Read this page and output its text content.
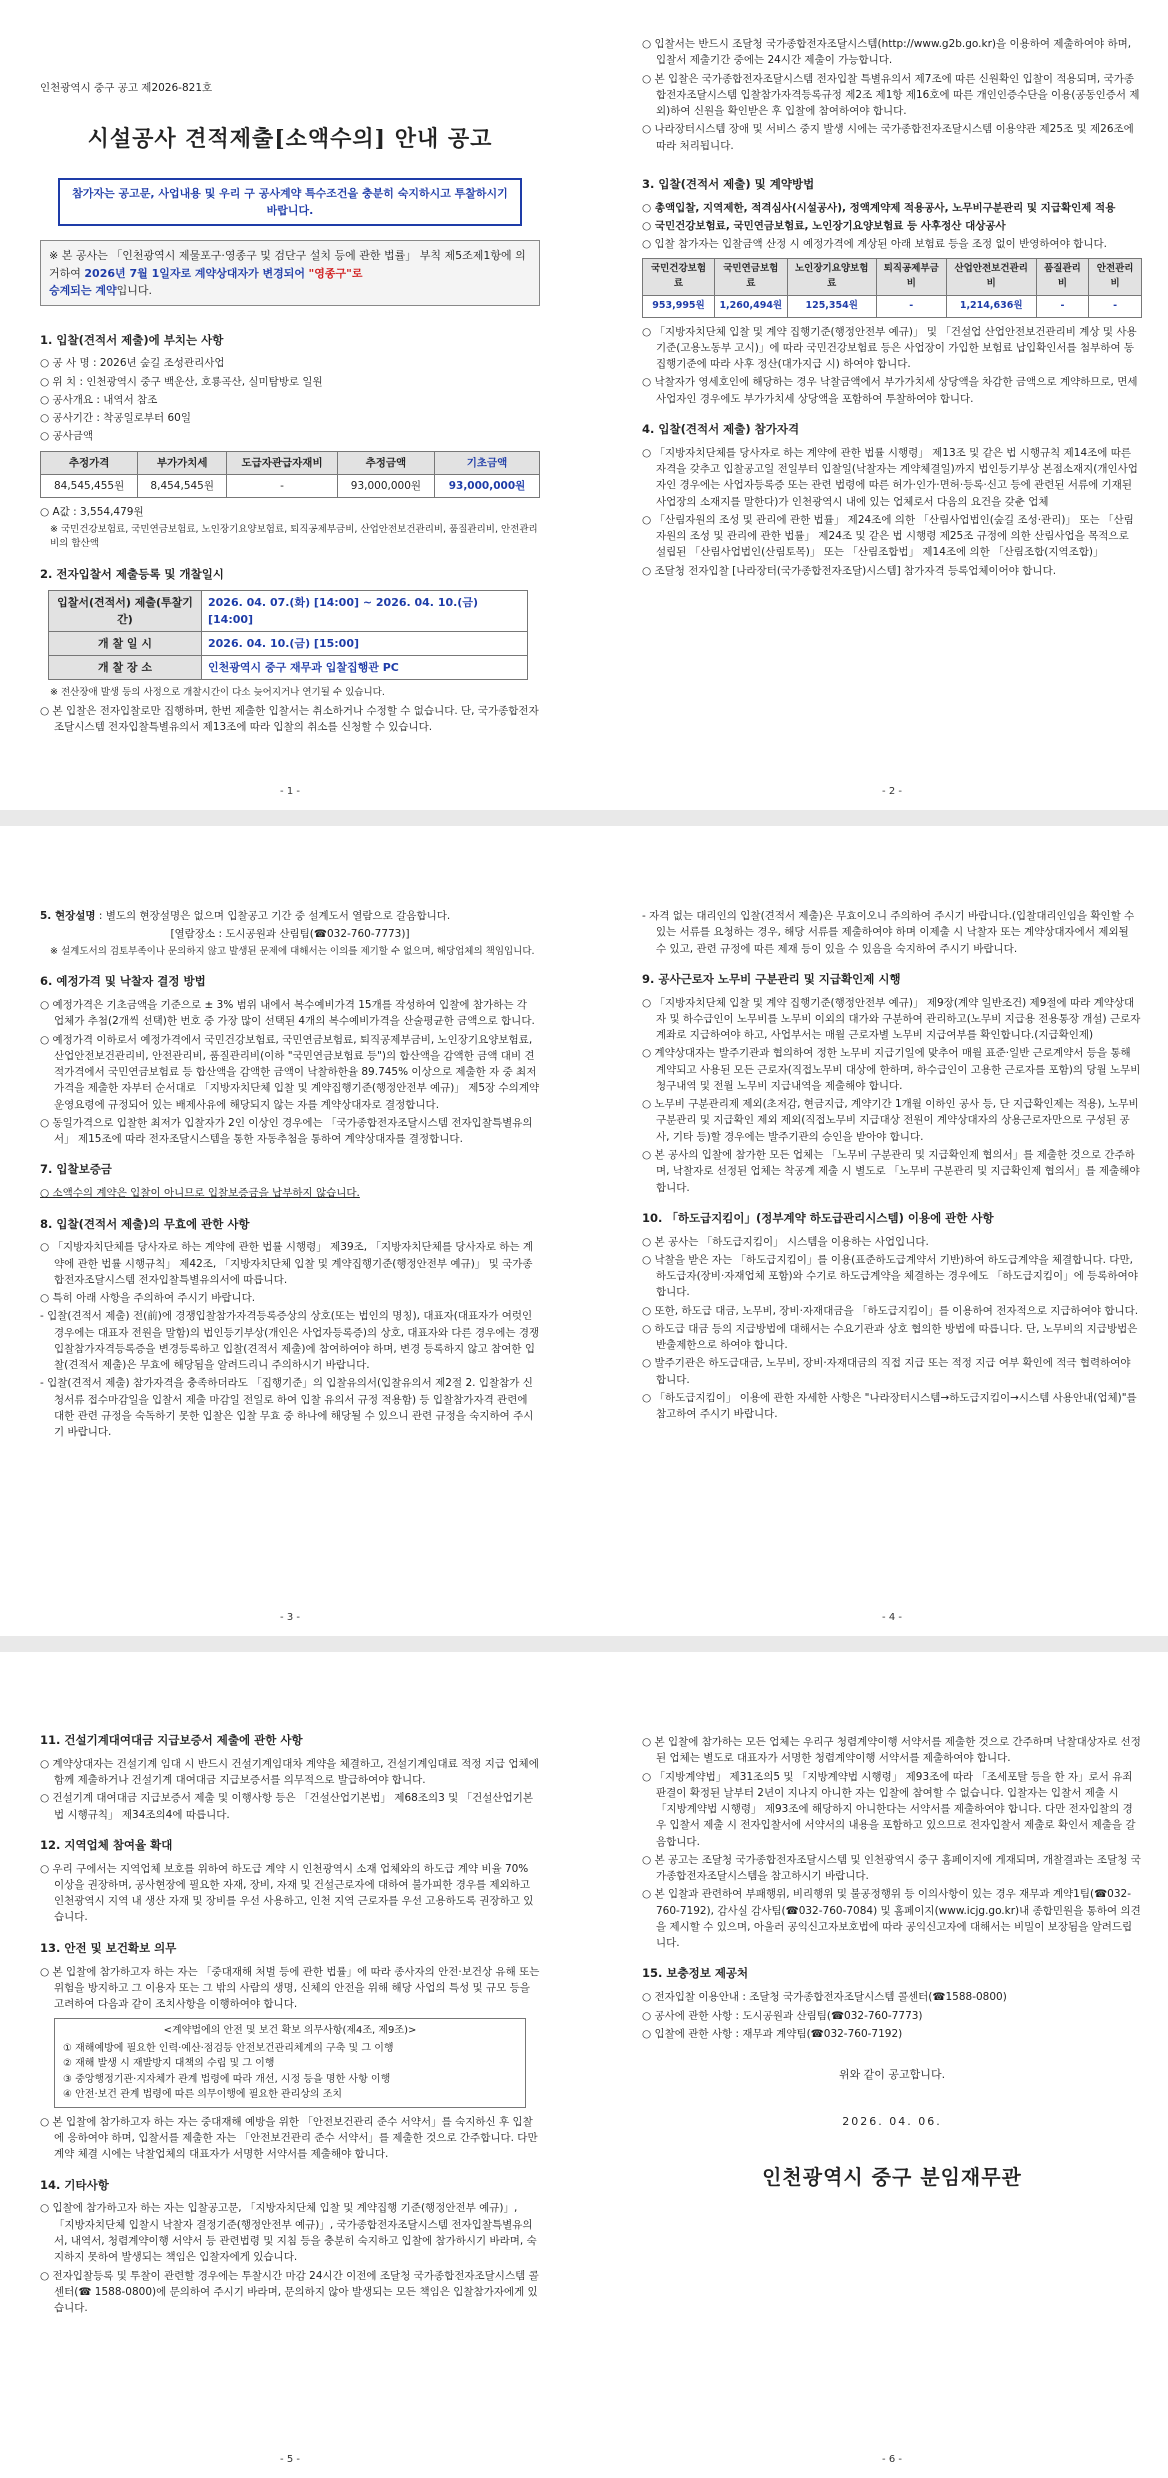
인천광역시 중구 공고 제2026-821호
시설공사 견적제출[소액수의] 안내 공고
참가자는 공고문, 사업내용 및 우리 구 공사계약 특수조건을 충분히 숙지하시고 투찰하시기 바랍니다.
※ 본 공사는 「인천광역시 제물포구·영종구 및 검단구 설치 등에 관한 법률」 부칙 제5조제1항에 의거하여 2026년 7월 1일자로 계약상대자가 변경되어 "영종구"로
승계되는 계약입니다.
1. 입찰(견적서 제출)에 부치는 사항
○ 공 사 명 : 2026년 숲길 조성관리사업
○ 위 치 : 인천광역시 중구 백운산, 호룡곡산, 실미탐방로 일원
○ 공사개요 : 내역서 참조
○ 공사기간 : 착공일로부터 60일
○ 공사금액
추정가격	부가가치세	도급자관급자재비	추정금액	기초금액
84,545,455원	8,454,545원	-	93,000,000원	93,000,000원
○ A값 : 3,554,479원
※ 국민건강보험료, 국민연금보험료, 노인장기요양보험료, 퇴직공제부금비, 산업안전보건관리비, 품질관리비, 안전관리비의 합산액
2. 전자입찰서 제출등록 및 개찰일시
입찰서(견적서) 제출(투찰기간)	2026. 04. 07.(화) [14:00] ~ 2026. 04. 10.(금) [14:00]
개 찰 일 시	2026. 04. 10.(금) [15:00]
개 찰 장 소	인천광역시 중구 재무과 입찰집행관 PC
※ 전산장애 발생 등의 사정으로 개찰시간이 다소 늦어지거나 연기될 수 있습니다.
○ 본 입찰은 전자입찰로만 집행하며, 한번 제출한 입찰서는 취소하거나 수정할 수 없습니다. 단, 국가종합전자조달시스템 전자입찰특별유의서 제13조에 따라 입찰의 취소를 신청할 수 있습니다.
- 1 -
○ 입찰서는 반드시 조달청 국가종합전자조달시스템(http://www.g2b.go.kr)을 이용하여 제출하여야 하며, 입찰서 제출기간 중에는 24시간 제출이 가능합니다.
○ 본 입찰은 국가종합전자조달시스템 전자입찰 특별유의서 제7조에 따른 신원확인 입찰이 적용되며, 국가종합전자조달시스템 입찰참가자격등록규정 제2조 제1항 제16호에 따른 개인인증수단을 이용(공동인증서 제외)하여 신원을 확인받은 후 입찰에 참여하여야 합니다.
○ 나라장터시스템 장애 및 서비스 중지 발생 시에는 국가종합전자조달시스템 이용약관 제25조 및 제26조에 따라 처리됩니다.
3. 입찰(견적서 제출) 및 계약방법
○ 총액입찰, 지역제한, 적격심사(시설공사), 정액계약제 적용공사, 노무비구분관리 및 지급확인제 적용
○ 국민건강보험료, 국민연금보험료, 노인장기요양보험료 등 사후정산 대상공사
○ 입찰 참가자는 입찰금액 산정 시 예정가격에 계상된 아래 보험료 등을 조정 없이 반영하여야 합니다.
국민건강보험료	국민연금보험료	노인장기요양보험료	퇴직공제부금비	산업안전보건관리비	품질관리비	안전관리비
953,995원	1,260,494원	125,354원	-	1,214,636원	-	-
○ 「지방자치단체 입찰 및 계약 집행기준(행정안전부 예규)」 및 「건설업 산업안전보건관리비 계상 및 사용기준(고용노동부 고시)」에 따라 국민건강보험료 등은 사업장이 가입한 보험료 납입확인서를 첨부하여 동 집행기준에 따라 사후 정산(대가지급 시) 하여야 합니다.
○ 낙찰자가 영세호인에 해당하는 경우 낙찰금액에서 부가가치세 상당액을 차감한 금액으로 계약하므로, 면세사업자인 경우에도 부가가치세 상당액을 포함하여 투찰하여야 합니다.
4. 입찰(견적서 제출) 참가자격
○ 「지방자치단체를 당사자로 하는 계약에 관한 법률 시행령」 제13조 및 같은 법 시행규칙 제14조에 따른 자격을 갖추고 입찰공고일 전일부터 입찰일(낙찰자는 계약체결일)까지 법인등기부상 본점소재지(개인사업자인 경우에는 사업자등록증 또는 관련 법령에 따른 허가·인가·면허·등록·신고 등에 관련된 서류에 기재된 사업장의 소재지를 말한다)가 인천광역시 내에 있는 업체로서 다음의 요건을 갖춘 업체
○ 「산림자원의 조성 및 관리에 관한 법률」 제24조에 의한 「산림사업법인(숲길 조성·관리)」 또는 「산림자원의 조성 및 관리에 관한 법률」 제24조 및 같은 법 시행령 제25조 규정에 의한 산림사업을 목적으로 설립된 「산림사업법인(산림토목)」 또는 「산림조합법」 제14조에 의한 「산림조합(지역조합)」
○ 조달청 전자입찰 [나라장터(국가종합전자조달)시스템] 참가자격 등록업체이어야 합니다.
- 2 -
5. 현장설명 : 별도의 현장설명은 없으며 입찰공고 기간 중 설계도서 열람으로 갈음합니다.
[열람장소 : 도시공원과 산림팀(☎032-760-7773)]
※ 설계도서의 검토부족이나 문의하지 않고 발생된 문제에 대해서는 이의를 제기할 수 없으며, 해당업체의 책임입니다.
6. 예정가격 및 낙찰자 결정 방법
○ 예정가격은 기초금액을 기준으로 ± 3% 범위 내에서 복수예비가격 15개를 작성하여 입찰에 참가하는 각 업체가 추첨(2개씩 선택)한 번호 중 가장 많이 선택된 4개의 복수예비가격을 산술평균한 금액으로 합니다.
○ 예정가격 이하로서 예정가격에서 국민건강보험료, 국민연금보험료, 퇴직공제부금비, 노인장기요양보험료, 산업안전보건관리비, 안전관리비, 품질관리비(이하 "국민연금보험료 등")의 합산액을 감액한 금액 대비 견적가격에서 국민연금보험료 등 합산액을 감액한 금액이 낙찰하한율 89.745% 이상으로 제출한 자 중 최저가격을 제출한 자부터 순서대로 「지방자치단체 입찰 및 계약집행기준(행정안전부 예규)」 제5장 수의계약 운영요령에 규정되어 있는 배제사유에 해당되지 않는 자를 계약상대자로 결정합니다.
○ 동일가격으로 입찰한 최저가 입찰자가 2인 이상인 경우에는 「국가종합전자조달시스템 전자입찰특별유의서」 제15조에 따라 전자조달시스템을 통한 자동추첨을 통하여 계약상대자를 결정합니다.
7. 입찰보증금
○ 소액수의 계약은 입찰이 아니므로 입찰보증금을 납부하지 않습니다.
8. 입찰(견적서 제출)의 무효에 관한 사항
○ 「지방자치단체를 당사자로 하는 계약에 관한 법률 시행령」 제39조, 「지방자치단체를 당사자로 하는 계약에 관한 법률 시행규칙」 제42조, 「지방자치단체 입찰 및 계약집행기준(행정안전부 예규)」 및 국가종합전자조달시스템 전자입찰특별유의서에 따릅니다.
○ 특히 아래 사항을 주의하여 주시기 바랍니다.
- 입찰(견적서 제출) 전(前)에 경쟁입찰참가자격등록증상의 상호(또는 법인의 명칭), 대표자(대표자가 여럿인 경우에는 대표자 전원을 말함)의 법인등기부상(개인은 사업자등록증)의 상호, 대표자와 다른 경우에는 경쟁입찰참가자격등록증을 변경등록하고 입찰(견적서 제출)에 참여하여야 하며, 변경 등록하지 않고 참여한 입찰(견적서 제출)은 무효에 해당됨을 알려드리니 주의하시기 바랍니다.
- 입찰(견적서 제출) 참가자격을 충족하더라도 「집행기준」의 입찰유의서(입찰유의서 제2절 2. 입찰참가 신청서류 접수마감일을 입찰서 제출 마감일 전일로 하여 입찰 유의서 규정 적용함) 등 입찰참가자격 관련에 대한 관련 규정을 숙독하기 못한 입찰은 입찰 무효 중 하나에 해당될 수 있으니 관련 규정을 숙지하여 주시기 바랍니다.
- 3 -
- 자격 없는 대리인의 입찰(견적서 제출)은 무효이오니 주의하여 주시기 바랍니다.(입찰대리인임을 확인할 수 있는 서류를 요청하는 경우, 해당 서류를 제출하여야 하며 이제출 시 낙찰자 또는 계약상대자에서 제외될 수 있고, 관련 규정에 따른 제재 등이 있을 수 있음을 숙지하여 주시기 바랍니다.
9. 공사근로자 노무비 구분관리 및 지급확인제 시행
○ 「지방자치단체 입찰 및 계약 집행기준(행정안전부 예규)」 제9장(계약 일반조건) 제9절에 따라 계약상대자 및 하수급인이 노무비를 노무비 이외의 대가와 구분하여 관리하고(노무비 지급용 전용통장 개설) 근로자 계좌로 지급하여야 하고, 사업부서는 매월 근로자별 노무비 지급여부를 확인합니다.(지급확인제)
○ 계약상대자는 발주기관과 협의하여 정한 노무비 지급기일에 맞추어 매월 표준·일반 근로계약서 등을 통해 계약되고 사용된 모든 근로자(직접노무비 대상에 한하며, 하수급인이 고용한 근로자를 포함)의 당월 노무비 청구내역 및 전월 노무비 지급내역을 제출해야 합니다.
○ 노무비 구분관리제 제외(초저감, 현금지급, 계약기간 1개월 이하인 공사 등, 단 지급확인제는 적용), 노무비 구분관리 및 지급확인 제외 제외(직접노무비 지급대상 전원이 계약상대자의 상용근로자만으로 구성된 공사, 기타 등)할 경우에는 발주기관의 승인을 받아야 합니다.
○ 본 공사의 입찰에 참가한 모든 업체는 「노무비 구분관리 및 지급확인제 협의서」를 제출한 것으로 간주하며, 낙찰자로 선정된 업체는 착공계 제출 시 별도로 「노무비 구분관리 및 지급확인제 협의서」를 제출해야 합니다.
10. 「하도급지킴이」(정부계약 하도급관리시스템) 이용에 관한 사항
○ 본 공사는 「하도급지킴이」 시스템을 이용하는 사업입니다.
○ 낙찰을 받은 자는 「하도급지킴이」를 이용(표준하도급계약서 기반)하여 하도급계약을 체결합니다. 다만, 하도급자(장비·자재업체 포함)와 수기로 하도급계약을 체결하는 경우에도 「하도급지킴이」에 등록하여야 합니다.
○ 또한, 하도급 대금, 노무비, 장비·자재대금을 「하도급지킴이」를 이용하여 전자적으로 지급하여야 합니다.
○ 하도급 대금 등의 지급방법에 대해서는 수요기관과 상호 협의한 방법에 따릅니다. 단, 노무비의 지급방법은 반출제한으로 하여야 합니다.
○ 발주기관은 하도급대금, 노무비, 장비·자재대금의 직접 지급 또는 적정 지급 여부 확인에 적극 협력하여야 합니다.
○ 「하도급지킴이」 이용에 관한 자세한 사항은 "나라장터시스템→하도급지킴이→시스템 사용안내(업체)"를 참고하여 주시기 바랍니다.
- 4 -
11. 건설기계대여대금 지급보증서 제출에 관한 사항
○ 계약상대자는 건설기계 임대 시 반드시 건설기계임대차 계약을 체결하고, 건설기계임대료 적정 지급 업체에 함께 제출하거나 건설기계 대여대금 지급보증서를 의무적으로 발급하여야 합니다.
○ 건설기계 대여대금 지급보증서 제출 및 이행사항 등은 「건설산업기본법」 제68조의3 및 「건설산업기본법 시행규칙」 제34조의4에 따릅니다.
12. 지역업체 참여율 확대
○ 우리 구에서는 지역업체 보호를 위하여 하도급 계약 시 인천광역시 소재 업체와의 하도급 계약 비율 70% 이상을 권장하며, 공사현장에 필요한 자재, 장비, 자재 및 건설근로자에 대하여 불가피한 경우를 제외하고 인천광역시 지역 내 생산 자재 및 장비를 우선 사용하고, 인천 지역 근로자를 우선 고용하도록 권장하고 있습니다.
13. 안전 및 보건확보 의무
○ 본 입찰에 참가하고자 하는 자는 「중대재해 처벌 등에 관한 법률」에 따라 종사자의 안전·보건상 유해 또는 위험을 방지하고 그 이용자 또는 그 밖의 사람의 생명, 신체의 안전을 위해 해당 사업의 특성 및 규모 등을 고려하여 다음과 같이 조치사항을 이행하여야 합니다.
<계약법에의 안전 및 보건 확보 의무사항(제4조, 제9조)>
① 재해예방에 필요한 인력·예산·점검등 안전보건관리체계의 구축 및 그 이행
② 재해 발생 시 재발방지 대책의 수립 및 그 이행
③ 중앙행정기관·지자체가 관계 법령에 따라 개선, 시정 등을 명한 사항 이행
④ 안전·보건 관계 법령에 따른 의무이행에 필요한 관리상의 조치
○ 본 입찰에 참가하고자 하는 자는 중대재해 예방을 위한 「안전보건관리 준수 서약서」를 숙지하신 후 입찰에 응하여야 하며, 입찰서를 제출한 자는 「안전보건관리 준수 서약서」를 제출한 것으로 간주합니다. 다만 계약 체결 시에는 낙찰업체의 대표자가 서명한 서약서를 제출해야 합니다.
14. 기타사항
○ 입찰에 참가하고자 하는 자는 입찰공고문, 「지방자치단체 입찰 및 계약집행 기준(행정안전부 예규)」, 「지방자치단체 입찰시 낙찰자 결정기준(행정안전부 예규)」, 국가종합전자조달시스템 전자입찰특별유의서, 내역서, 청렴계약이행 서약서 등 관련법령 및 지침 등을 충분히 숙지하고 입찰에 참가하시기 바라며, 숙지하지 못하여 발생되는 책임은 입찰자에게 있습니다.
○ 전자입찰등록 및 투찰이 관련할 경우에는 투찰시간 마감 24시간 이전에 조달청 국가종합전자조달시스템 콜센터(☎ 1588-0800)에 문의하여 주시기 바라며, 문의하지 않아 발생되는 모든 책임은 입찰참가자에게 있습니다.
- 5 -
○ 본 입찰에 참가하는 모든 업체는 우리구 청렴계약이행 서약서를 제출한 것으로 간주하며 낙찰대상자로 선정된 업체는 별도로 대표자가 서명한 청렴계약이행 서약서를 제출하여야 합니다.
○ 「지방계약법」 제31조의5 및 「지방계약법 시행령」 제93조에 따라 「조세포탈 등을 한 자」로서 유죄판결이 확정된 날부터 2년이 지나지 아니한 자는 입찰에 참여할 수 없습니다. 입찰자는 입찰서 제출 시 「지방계약법 시행령」 제93조에 해당하지 아니한다는 서약서를 제출하여야 합니다. 다만 전자입찰의 경우 입찰서 제출 시 전자입찰서에 서약서의 내용을 포함하고 있으므로 전자입찰서 제출로 확인서 제출을 갈음합니다.
○ 본 공고는 조달청 국가종합전자조달시스템 및 인천광역시 중구 홈페이지에 게재되며, 개찰결과는 조달청 국가종합전자조달시스템을 참고하시기 바랍니다.
○ 본 입찰과 관련하여 부패행위, 비리행위 및 불공정행위 등 이의사항이 있는 경우 재무과 계약1팀(☎032-760-7192), 감사실 감사팀(☎032-760-7084) 및 홈페이지(www.icjg.go.kr)내 종합민원을 통하여 의견을 제시할 수 있으며, 아울러 공익신고자보호법에 따라 공익신고자에 대해서는 비밀이 보장됨을 알려드립니다.
15. 보충정보 제공처
○ 전자입찰 이용안내 : 조달청 국가종합전자조달시스템 콜센터(☎1588-0800)
○ 공사에 관한 사항 : 도시공원과 산림팀(☎032-760-7773)
○ 입찰에 관한 사항 : 재무과 계약팀(☎032-760-7192)
위와 같이 공고합니다.
2026. 04. 06.
인천광역시 중구 분임재무관
- 6 -
